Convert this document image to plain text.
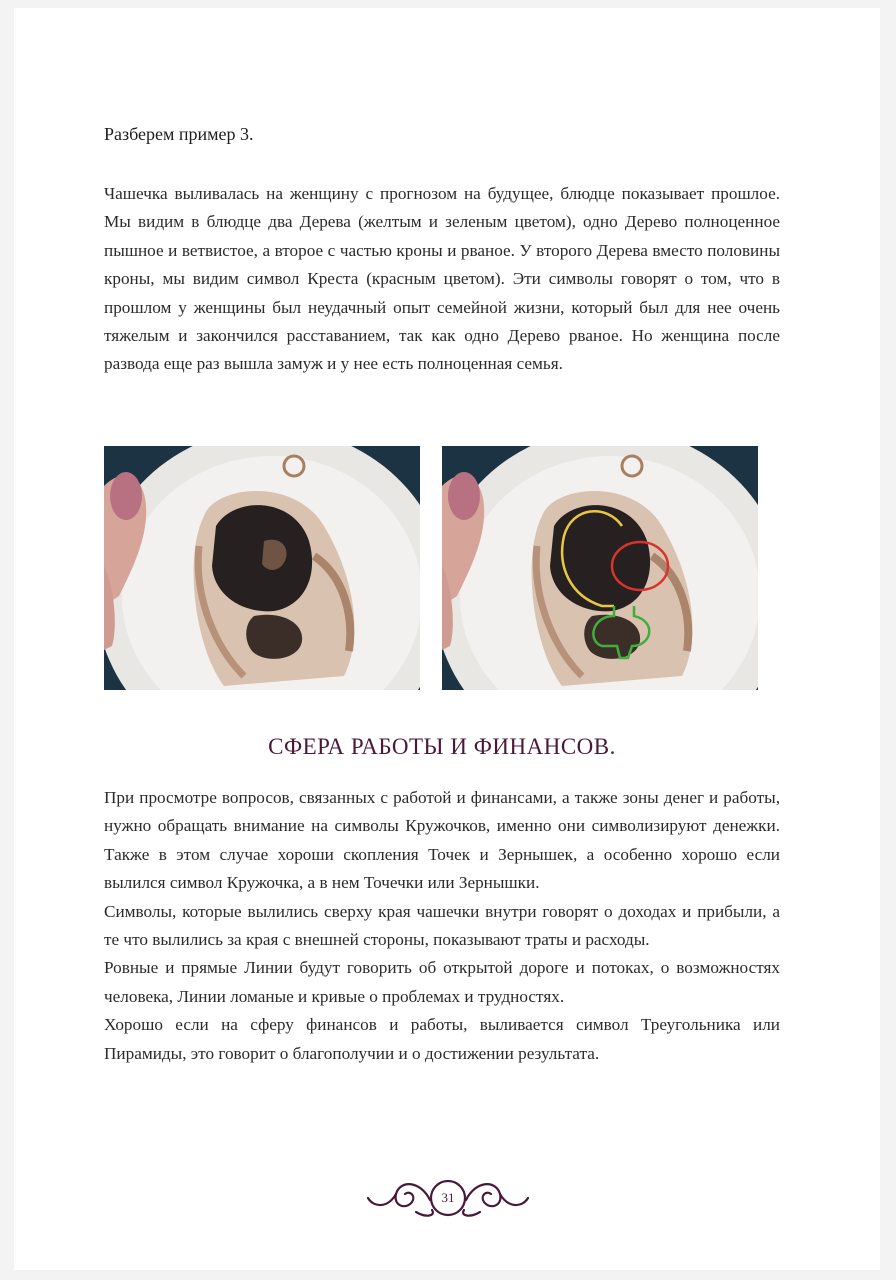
Разберем пример 3.

Чашечка выливалась на женщину с прогнозом на будущее, блюдце показывает прошлое. Мы видим в блюдце два Дерева (желтым и зеленым цветом), одно Дерево полноценное пышное и ветвистое, а второе с частью кроны и рваное. У второго Дерева вместо половины кроны, мы видим символ Креста (красным цветом). Эти символы говорят о том, что в прошлом у женщины был неудачный опыт семейной жизни, который был для нее очень тяжелым и закончился расставанием, так как одно Дерево рваное. Но женщина после развода еще раз вышла замуж и у нее есть полноценная семья.

СФЕРА РАБОТЫ И ФИНАНСОВ.

При просмотре вопросов, связанных с работой и финансами, а также зоны денег и работы, нужно обращать внимание на символы Кружочков, именно они символизируют денежки. Также в этом случае хороши скопления Точек и Зернышек, а особенно хорошо если вылился символ Кружочка, а в нем Точечки или Зернышки.

Символы, которые вылились сверху края чашечки внутри говорят о доходах и прибыли, а те что вылились за края с внешней стороны, показывают траты и расходы.

Ровные и прямые Линии будут говорить об открытой дороге и потоках, о возможностях человека, Линии ломаные и кривые о проблемах и трудностях.

Хорошо если на сферу финансов и работы, выливается символ Треугольника или Пирамиды, это говорит о благополучии и о достижении результата.

31
